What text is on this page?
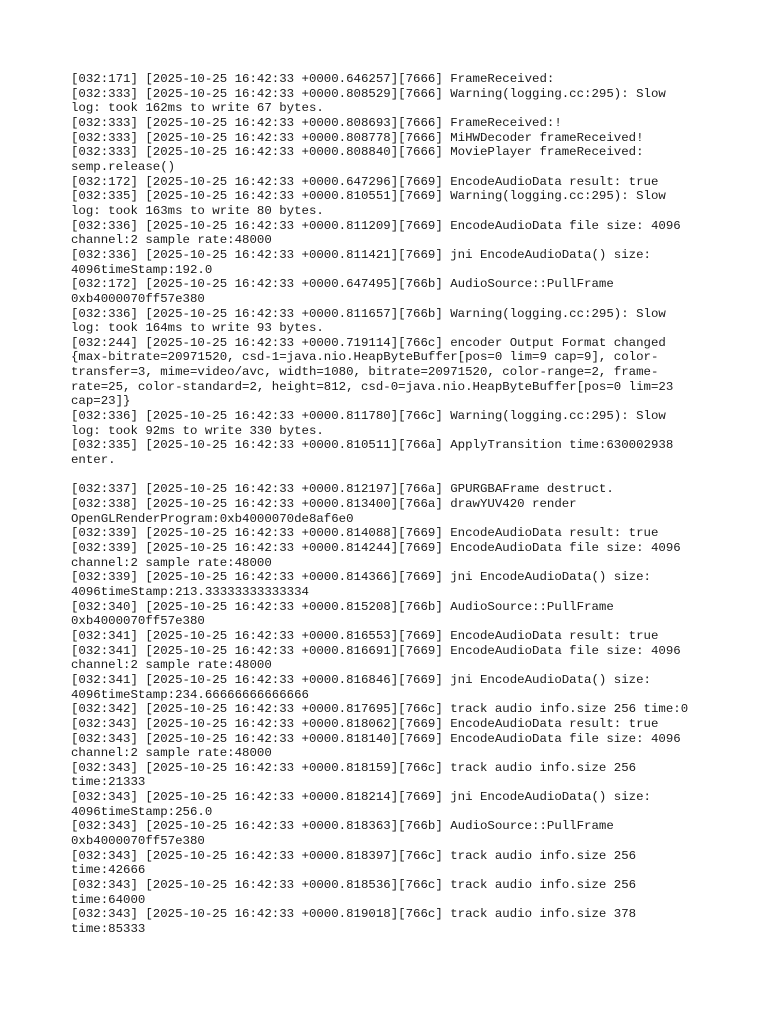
[032:171] [2025-10-25 16:42:33 +0000.646257][7666] FrameReceived:

[032:333] [2025-10-25 16:42:33 +0000.808529][7666] Warning(logging.cc:295): Slow
log: took 162ms to write 67 bytes.

[032:333] [2025-10-25 16:42:33 +0000.808693][7666] FrameReceived:!

[032:333] [2025-10-25 16:42:33 +0000.808778][7666] MiHWDecoder frameReceived!

[032:333] [2025-10-25 16:42:33 +0000.808840][7666] MoviePlayer frameReceived:
semp.release()

[032:172] [2025-10-25 16:42:33 +0000.647296][7669] EncodeAudioData result: true

[032:335] [2025-10-25 16:42:33 +0000.810551][7669] Warning(logging.cc:295): Slow
log: took 163ms to write 80 bytes.

[032:336] [2025-10-25 16:42:33 +0000.811209][7669] EncodeAudioData file size: 4096
channel:2 sample rate:48000

[032:336] [2025-10-25 16:42:33 +0000.811421][7669] jni EncodeAudioData() size:
4096timeStamp:192.0

[032:172] [2025-10-25 16:42:33 +0000.647495][766b] AudioSource::PullFrame
0xb4000070ff57e380

[032:336] [2025-10-25 16:42:33 +0000.811657][766b] Warning(logging.cc:295): Slow
log: took 164ms to write 93 bytes.

[032:244] [2025-10-25 16:42:33 +0000.719114][766c] encoder Output Format changed
{max-bitrate=20971520, csd-1=java.nio.HeapByteBuffer[pos=0 lim=9 cap=9], color-
transfer=3, mime=video/avc, width=1080, bitrate=20971520, color-range=2, frame-
rate=25, color-standard=2, height=812, csd-0=java.nio.HeapByteBuffer[pos=0 lim=23
cap=23]}

[032:336] [2025-10-25 16:42:33 +0000.811780][766c] Warning(logging.cc:295): Slow
log: took 92ms to write 330 bytes.

[032:335] [2025-10-25 16:42:33 +0000.810511][766a] ApplyTransition time:630002938
enter.

[032:337] [2025-10-25 16:42:33 +0000.812197][766a] GPURGBAFrame destruct.

[032:338] [2025-10-25 16:42:33 +0000.813400][766a] drawYUV420 render
OpenGLRenderProgram:0xb4000070de8af6e0

[032:339] [2025-10-25 16:42:33 +0000.814088][7669] EncodeAudioData result: true

[032:339] [2025-10-25 16:42:33 +0000.814244][7669] EncodeAudioData file size: 4096
channel:2 sample rate:48000

[032:339] [2025-10-25 16:42:33 +0000.814366][7669] jni EncodeAudioData() size:
4096timeStamp:213.33333333333334

[032:340] [2025-10-25 16:42:33 +0000.815208][766b] AudioSource::PullFrame
0xb4000070ff57e380

[032:341] [2025-10-25 16:42:33 +0000.816553][7669] EncodeAudioData result: true

[032:341] [2025-10-25 16:42:33 +0000.816691][7669] EncodeAudioData file size: 4096
channel:2 sample rate:48000

[032:341] [2025-10-25 16:42:33 +0000.816846][7669] jni EncodeAudioData() size:
4096timeStamp:234.66666666666666

[032:342] [2025-10-25 16:42:33 +0000.817695][766c] track audio info.size 256 time:0

[032:343] [2025-10-25 16:42:33 +0000.818062][7669] EncodeAudioData result: true

[032:343] [2025-10-25 16:42:33 +0000.818140][7669] EncodeAudioData file size: 4096
channel:2 sample rate:48000

[032:343] [2025-10-25 16:42:33 +0000.818159][766c] track audio info.size 256
time:21333

[032:343] [2025-10-25 16:42:33 +0000.818214][7669] jni EncodeAudioData() size:
4096timeStamp:256.0

[032:343] [2025-10-25 16:42:33 +0000.818363][766b] AudioSource::PullFrame
0xb4000070ff57e380

[032:343] [2025-10-25 16:42:33 +0000.818397][766c] track audio info.size 256
time:42666

[032:343] [2025-10-25 16:42:33 +0000.818536][766c] track audio info.size 256
time:64000

[032:343] [2025-10-25 16:42:33 +0000.819018][766c] track audio info.size 378
time:85333
